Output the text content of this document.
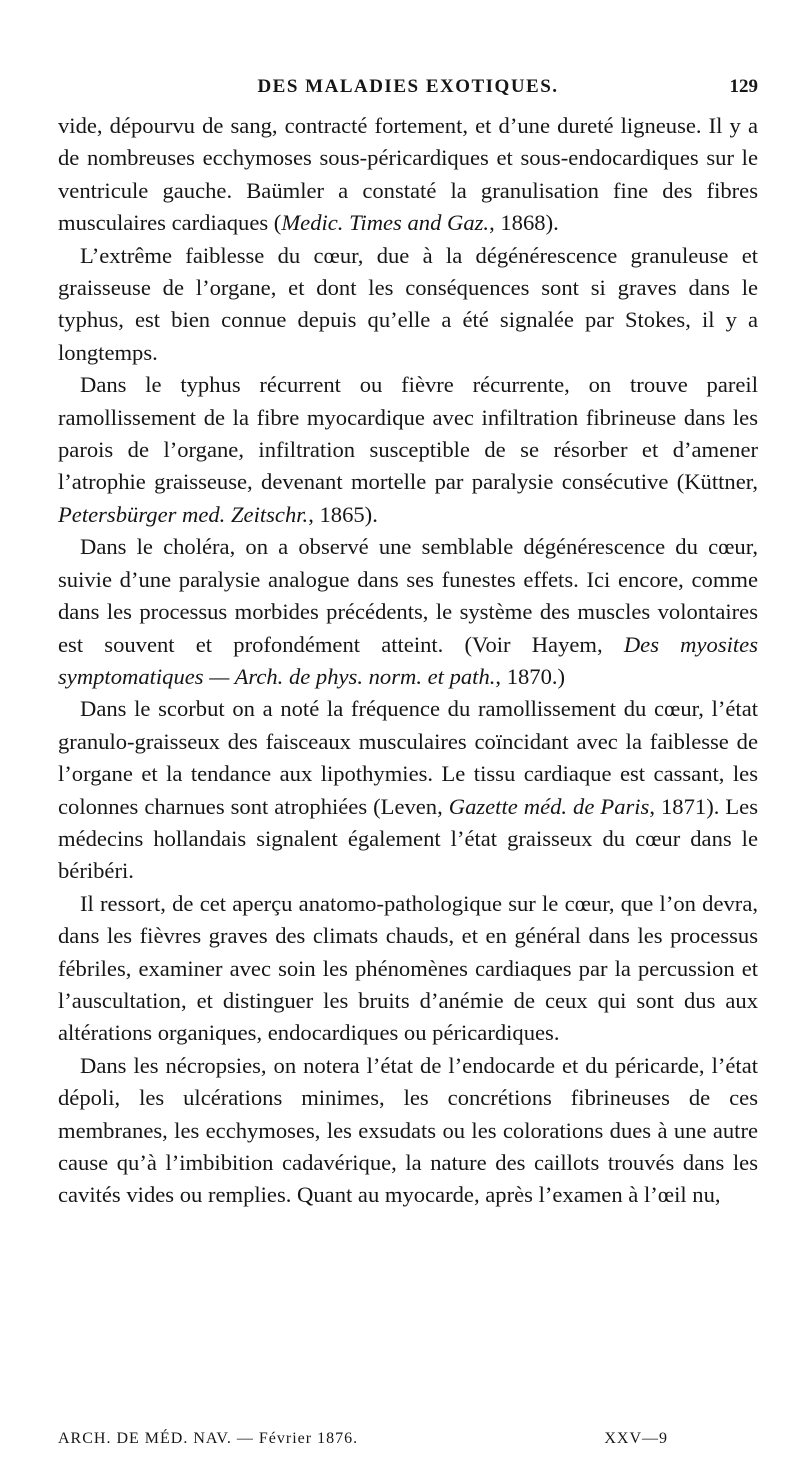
DES MALADIES EXOTIQUES.	129

vide, dépourvu de sang, contracté fortement, et d’une dureté ligneuse. Il y a de nombreuses ecchymoses sous-péricardiques et sous-endocardiques sur le ventricule gauche. Baümler a constaté la granulisation fine des fibres musculaires cardiaques (Medic. Times and Gaz., 1868).

L’extrême faiblesse du cœur, due à la dégénérescence granuleuse et graisseuse de l’organe, et dont les conséquences sont si graves dans le typhus, est bien connue depuis qu’elle a été signalée par Stokes, il y a longtemps.

Dans le typhus récurrent ou fièvre récurrente, on trouve pareil ramollissement de la fibre myocardique avec infiltration fibrineuse dans les parois de l’organe, infiltration susceptible de se résorber et d’amener l’atrophie graisseuse, devenant mortelle par paralysie consécutive (Küttner, Petersbürger med. Zeitschr., 1865).

Dans le choléra, on a observé une semblable dégénérescence du cœur, suivie d’une paralysie analogue dans ses funestes effets. Ici encore, comme dans les processus morbides précédents, le système des muscles volontaires est souvent et profondément atteint. (Voir Hayem, Des myosites symptomatiques — Arch. de phys. norm. et path., 1870.)

Dans le scorbut on a noté la fréquence du ramollissement du cœur, l’état granulo-graisseux des faisceaux musculaires coïncidant avec la faiblesse de l’organe et la tendance aux lipothymies. Le tissu cardiaque est cassant, les colonnes charnues sont atrophiées (Leven, Gazette méd. de Paris, 1871). Les médecins hollandais signalent également l’état graisseux du cœur dans le béribéri.

Il ressort, de cet aperçu anatomo-pathologique sur le cœur, que l’on devra, dans les fièvres graves des climats chauds, et en général dans les processus fébriles, examiner avec soin les phénomènes cardiaques par la percussion et l’auscultation, et distinguer les bruits d’anémie de ceux qui sont dus aux altérations organiques, endocardiques ou péricardiques.

Dans les nécropsies, on notera l’état de l’endocarde et du péricarde, l’état dépoli, les ulcérations minimes, les concrétions fibrineuses de ces membranes, les ecchymoses, les exsudats ou les colorations dues à une autre cause qu’à l’imbibition cadavérique, la nature des caillots trouvés dans les cavités vides ou remplies. Quant au myocarde, après l’examen à l’œil nu,

ARCH. DE MÉD. NAV. — Février 1876.	XXV—9
